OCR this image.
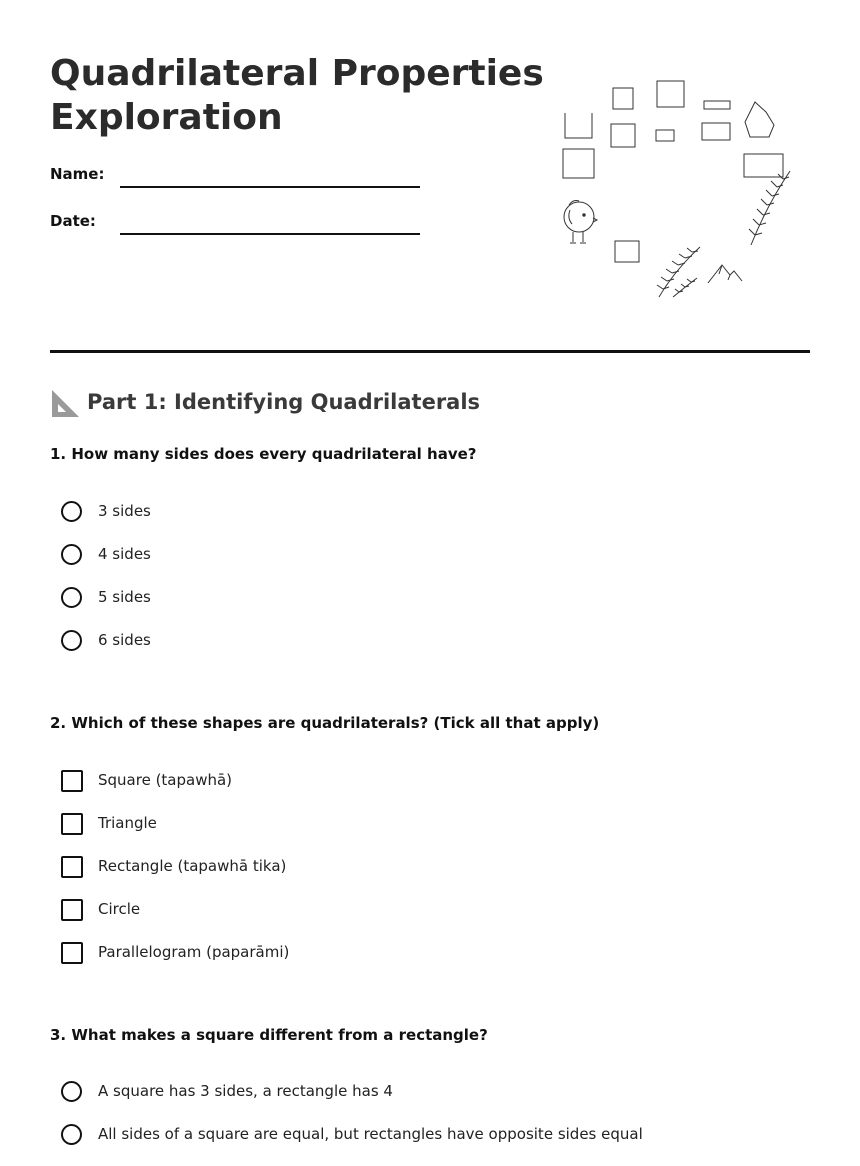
Quadrilateral Properties Exploration
Name:
Date:
Part 1: Identifying Quadrilaterals
1. How many sides does every quadrilateral have?
3 sides
4 sides
5 sides
6 sides
2. Which of these shapes are quadrilaterals? (Tick all that apply)
Square (tapawhā)
Triangle
Rectangle (tapawhā tika)
Circle
Parallelogram (paparāmi)
3. What makes a square different from a rectangle?
A square has 3 sides, a rectangle has 4
All sides of a square are equal, but rectangles have opposite sides equal
